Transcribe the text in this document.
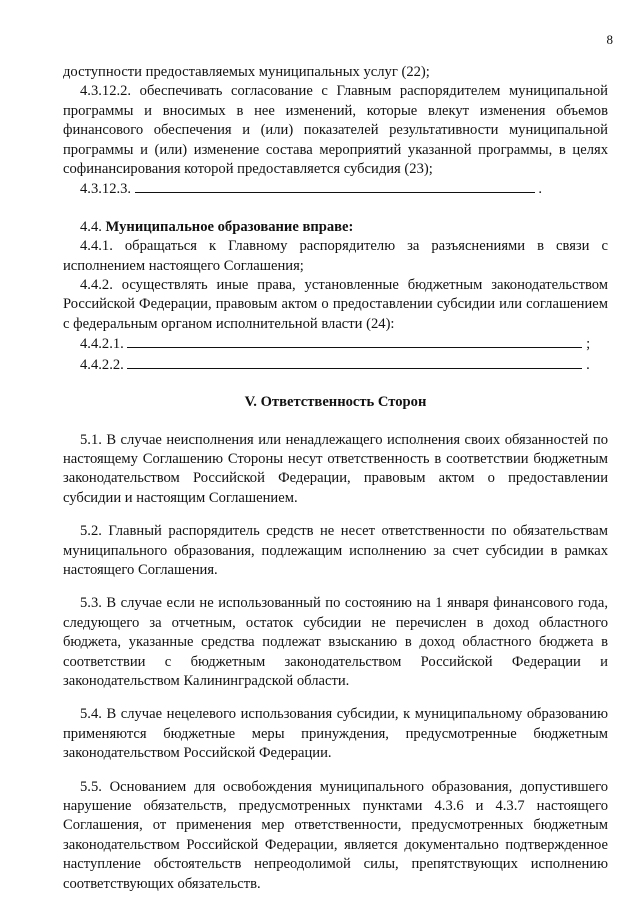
8

доступности предоставляемых муниципальных услуг (22);

4.3.12.2. обеспечивать согласование с Главным распорядителем муниципальной программы и вносимых в нее изменений, которые влекут изменения объемов финансового обеспечения и (или) показателей результативности муниципальной программы и (или) изменение состава мероприятий указанной программы, в целях софинансирования которой предоставляется субсидия (23);

4.3.12.3.	.

4.4. Муниципальное образование вправе:

4.4.1. обращаться к Главному распорядителю за разъяснениями в связи с исполнением настоящего Соглашения;

4.4.2. осуществлять иные права, установленные бюджетным законодательством Российской Федерации, правовым актом о предоставлении субсидии или соглашением с федеральным органом исполнительной власти (24):

4.4.2.1.	;

4.4.2.2.	.

V. Ответственность Сторон

5.1. В случае неисполнения или ненадлежащего исполнения своих обязанностей по настоящему Соглашению Стороны несут ответственность в соответствии бюджетным законодательством Российской Федерации, правовым актом о предоставлении субсидии и настоящим Соглашением.

5.2. Главный распорядитель средств не несет ответственности по обязательствам муниципального образования, подлежащим исполнению за счет субсидии в рамках настоящего Соглашения.

5.3. В случае если не использованный по состоянию на 1 января финансового года, следующего за отчетным, остаток субсидии не перечислен в доход областного бюджета, указанные средства подлежат взысканию в доход областного бюджета в соответствии с бюджетным законодательством Российской Федерации и законодательством Калининградской области.

5.4. В случае нецелевого использования субсидии, к муниципальному образованию применяются бюджетные меры принуждения, предусмотренные бюджетным законодательством Российской Федерации.

5.5. Основанием для освобождения муниципального образования, допустившего нарушение обязательств, предусмотренных пунктами 4.3.6 и 4.3.7 настоящего Соглашения, от применения мер ответственности, предусмотренных бюджетным законодательством Российской Федерации, является документально подтвержденное наступление обстоятельств непреодолимой силы, препятствующих исполнению соответствующих обязательств.
